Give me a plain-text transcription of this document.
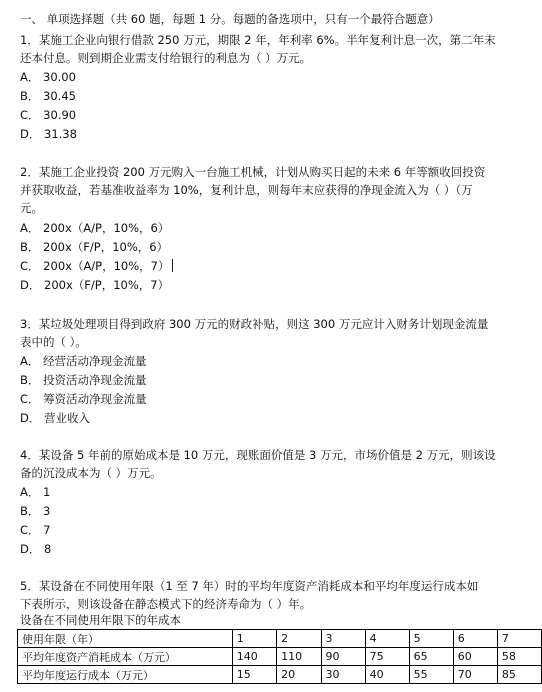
一、 单项选择题（共 60 题，每题 1 分。每题的备选项中，只有一个最符合题意）
1．某施工企业向银行借款 250 万元，期限 2 年，年利率 6%。半年复利计息一次，第二年末
还本付息。则到期企业需支付给银行的利息为（ ）万元。
A． 30.00
B． 30.45
C． 30.90
D． 31.38
2．某施工企业投资 200 万元购入一台施工机械，计划从购买日起的未来 6 年等额收回投资
并获取收益，若基准收益率为 10%，复利计息，则每年末应获得的净现金流入为（ ）（万
元。
A． 200x（A/P，10%，6）
B． 200x（F/P，10%，6）
C． 200x（A/P，10%，7）
D． 200x（F/P，10%，7）
3．某垃圾处理项目得到政府 300 万元的财政补贴，则这 300 万元应计入财务计划现金流量
表中的（ ）。
A． 经营活动净现金流量
B． 投资活动净现金流量
C． 筹资活动净现金流量
D． 营业收入
4．某设备 5 年前的原始成本是 10 万元，现账面价值是 3 万元，市场价值是 2 万元，则该设
备的沉没成本为（ ）万元。
A． 1
B． 3
C． 7
D． 8
5．某设备在不同使用年限（1 至 7 年）时的平均年度资产消耗成本和平均年度运行成本如
下表所示，则该设备在静态模式下的经济寿命为（ ）年。
设备在不同使用年限下的年成本
使用年限（年）	1	2	3	4	5	6	7
平均年度资产消耗成本（万元）	140	110	90	75	65	60	58
平均年度运行成本（万元）	15	20	30	40	55	70	85
